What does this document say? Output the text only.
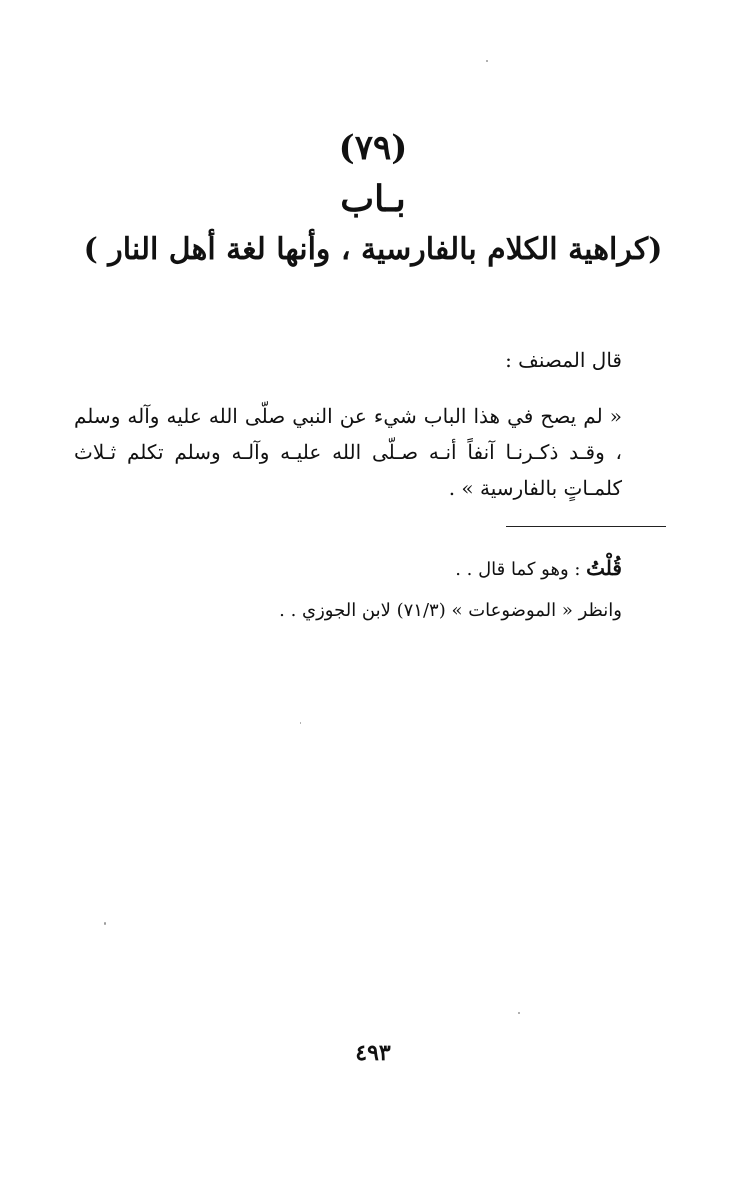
(٧٩)
بـاب
(كراهية الكلام بالفارسية ، وأنها لغة أهل النار )
قال المصنف :
« لم يصح في هذا الباب شيء عن النبي صلّى الله عليه وآله وسلم ، وقـد ذكـرنـا آنفاً أنـه صـلّى الله عليـه وآلـه وسلم تكلم ثـلاث كلمـاتٍ بالفارسية » .
قُلْتُ : وهو كما قال . .
وانظر « الموضوعات » (٧١/٣) لابن الجوزي . .
٤٩٣
